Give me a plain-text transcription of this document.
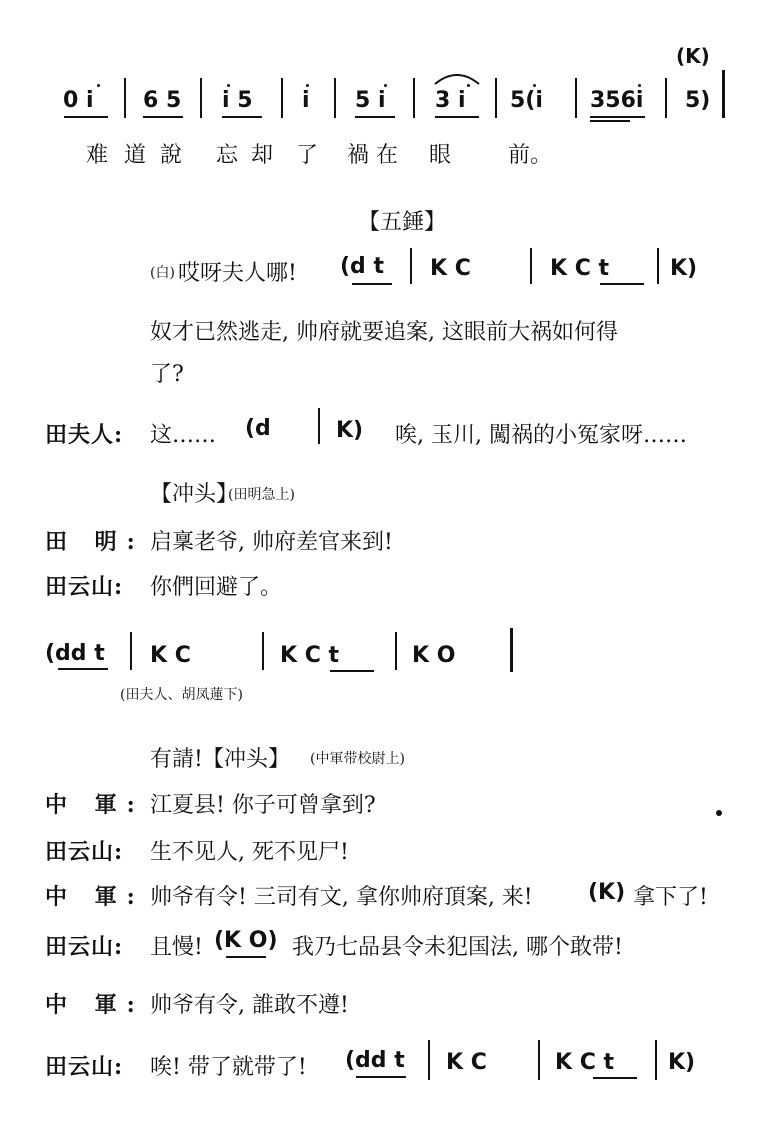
(K)
0 i 6 5 i 5 i 5 i 3 i 5(i 356i 5)
难 道 說 忘 却 了 禍 在 眼	前。
【五錘】
(白) 哎呀夫人哪! (d t K C	K C t	K)
奴才已然逃走, 帅府就要追案, 这眼前大祸如何得
了?
田夫人: 这…… (d	K) 唉, 玉川, 闖祸的小冤家呀……
【冲头】
(田明急上)
田 明: 启稟老爷, 帅府差官来到!
田云山: 你們回避了。
(dd t K C	K C t	K O
(田夫人、胡凤蓮下)
有請! 【冲头】 (中軍带校尉上)
中 軍: 江夏县! 你子可曾拿到?
田云山: 生不见人, 死不见尸!
中 軍: 帅爷有令! 三司有文, 拿你帅府頂案, 来!	(K) 拿下了!
田云山: 且慢! (K O) 我乃七品县令未犯国法, 哪个敢带!
中 軍: 帅爷有令, 誰敢不遵!
田云山: 唉! 带了就带了! (dd t K C	K C t K)
